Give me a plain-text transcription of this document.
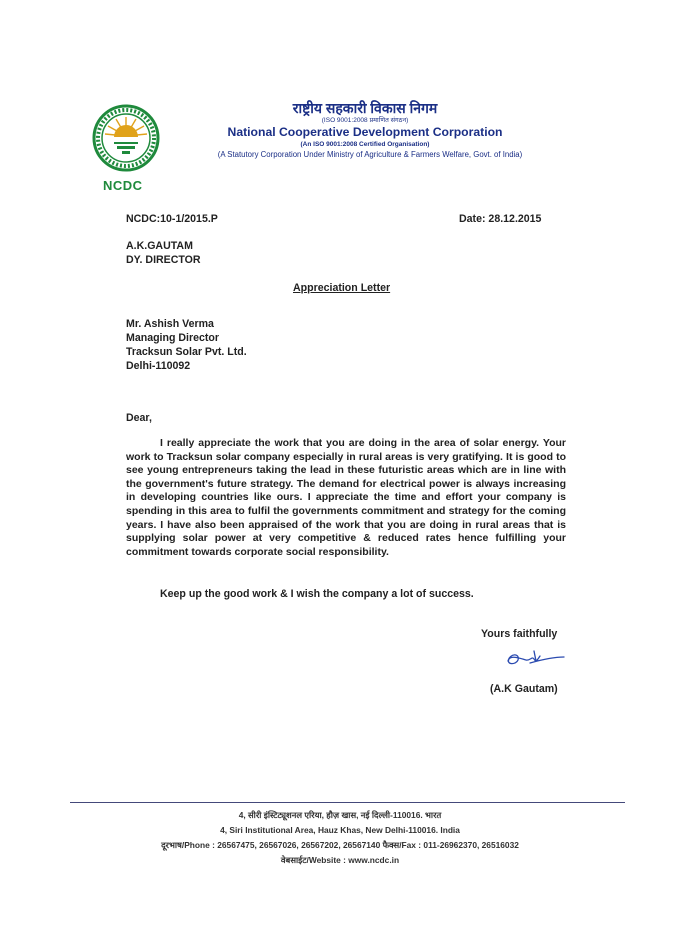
NCDC
राष्ट्रीय सहकारी विकास निगम
(ISO 9001:2008 प्रमाणित संगठन)
National Cooperative Development Corporation
(An ISO 9001:2008 Certified Organisation)
(A Statutory Corporation Under Ministry of Agriculture & Farmers Welfare, Govt. of India)
NCDC:10-1/2015.P	Date: 28.12.2015
A.K.GAUTAM
DY. DIRECTOR
Appreciation Letter
Mr. Ashish Verma
Managing Director
Tracksun Solar Pvt. Ltd.
Delhi-110092
Dear,
I really appreciate the work that you are doing in the area of solar energy. Your work to Tracksun solar company especially in rural areas is very gratifying. It is good to see young entrepreneurs taking the lead in these futuristic areas which are in line with the government's future strategy. The demand for electrical power is always increasing in developing countries like ours. I appreciate the time and effort your company is spending in this area to fulfil the governments commitment and strategy for the coming years. I have also been appraised of the work that you are doing in rural areas that is supplying solar power at very competitive & reduced rates hence fulfilling your commitment towards corporate social responsibility.
Keep up the good work & I wish the company a lot of success.
Yours faithfully
(A.K Gautam)
4, सीरी इंस्टिट्यूशनल एरिया, हौज़ खास, नई दिल्ली-110016. भारत
4, Siri Institutional Area, Hauz Khas, New Delhi-110016. India
दूरभाष/Phone : 26567475, 26567026, 26567202, 26567140 फैक्स/Fax : 011-26962370, 26516032
वेबसाईट/Website : www.ncdc.in
